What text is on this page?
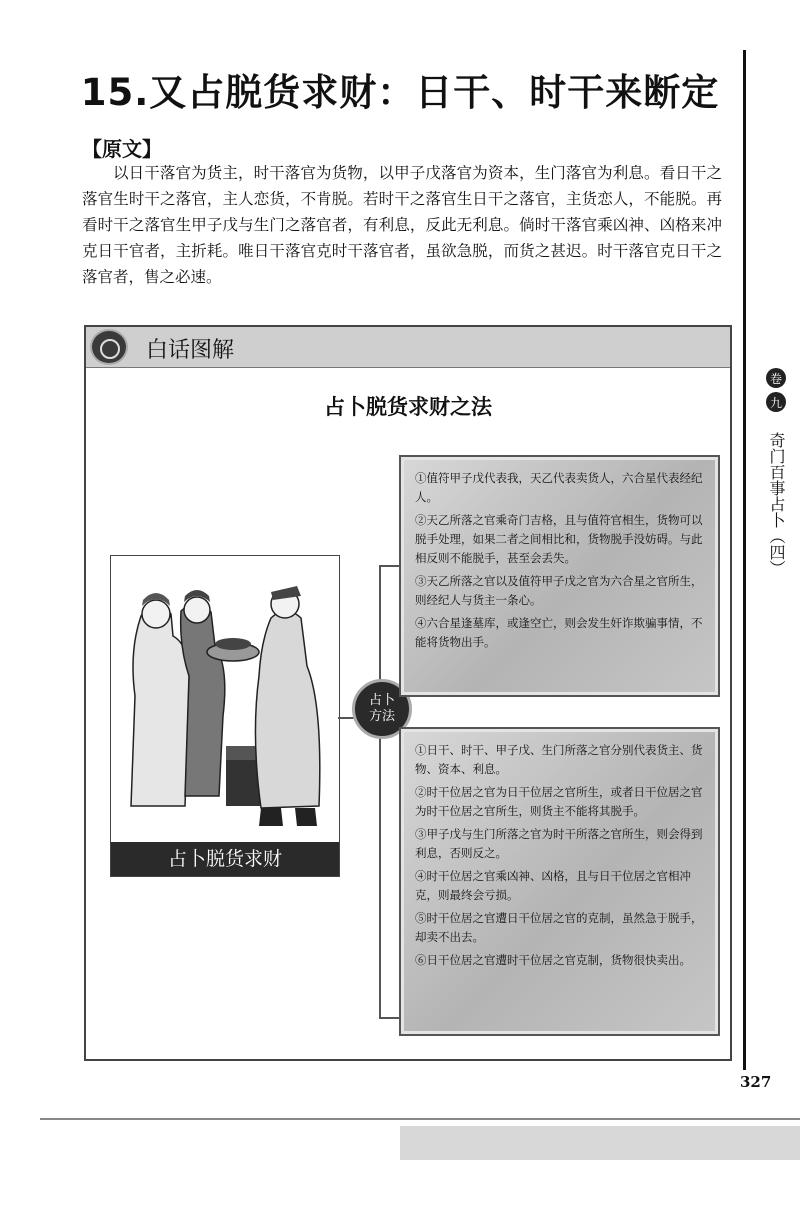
15.又占脱货求财：日干、时干来断定
【原文】
以日干落官为货主，时干落官为货物，以甲子戊落官为资本，生门落官为利息。看日干之落官生时干之落官，主人恋货，不肯脱。若时干之落官生日干之落官，主货恋人，不能脱。再看时干之落官生甲子戊与生门之落官者，有利息，反此无利息。倘时干落官乘凶神、凶格来冲克日干官者，主折耗。唯日干落官克时干落官者，虽欲急脱，而货之甚迟。时干落官克日干之落官者，售之必速。
卷
九
奇门百事占卜（四）
白话图解
占卜脱货求财之法
占卜脱货求财
占卜
方法
①值符甲子戊代表我，天乙代表卖货人，六合星代表经纪人。
②天乙所落之官乘奇门吉格，且与值符官相生，货物可以脱手处理，如果二者之间相比和，货物脱手没妨碍。与此相反则不能脱手，甚至会丢失。
③天乙所落之官以及值符甲子戊之官为六合星之官所生，则经纪人与货主一条心。
④六合星逢墓库，或逢空亡，则会发生奸诈欺骗事情，不能将货物出手。
①日干、时干、甲子戊、生门所落之官分别代表货主、货物、资本、利息。
②时干位居之官为日干位居之官所生，或者日干位居之官为时干位居之官所生，则货主不能将其脱手。
③甲子戊与生门所落之官为时干所落之官所生，则会得到利息，否则反之。
④时干位居之官乘凶神、凶格，且与日干位居之官相冲克，则最终会亏损。
⑤时干位居之官遭日干位居之官的克制，虽然急于脱手，却卖不出去。
⑥日干位居之官遭时干位居之官克制，货物很快卖出。
PDG
327
